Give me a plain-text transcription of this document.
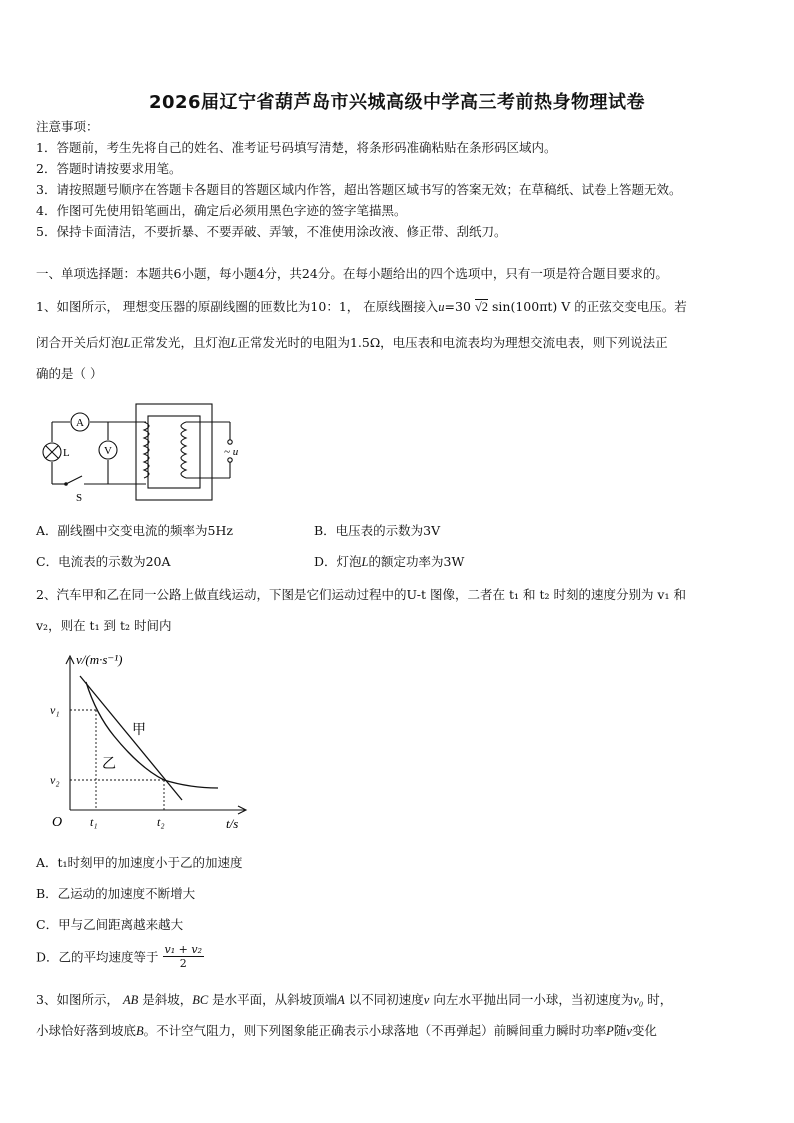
2026届辽宁省葫芦岛市兴城高级中学高三考前热身物理试卷
注意事项：
1．答题前，考生先将自己的姓名、准考证号码填写清楚，将条形码准确粘贴在条形码区域内。
2．答题时请按要求用笔。
3．请按照题号顺序在答题卡各题目的答题区域内作答，超出答题区域书写的答案无效；在草稿纸、试卷上答题无效。
4．作图可先使用铅笔画出，确定后必须用黑色字迹的签字笔描黑。
5．保持卡面清洁，不要折暴、不要弄破、弄皱，不准使用涂改液、修正带、刮纸刀。
一、单项选择题：本题共6小题，每小题4分，共24分。在每小题给出的四个选项中，只有一项是符合题目要求的。
1、如图所示， 理想变压器的原副线圈的匝数比为10：1， 在原线圈接入u=30 √2 sin(100πt) V 的正弦交变电压。若
闭合开关后灯泡L正常发光，且灯泡L正常发光时的电阻为1.5Ω，电压表和电流表均为理想交流电表，则下列说法正
确的是（ ）
A
V
L
S
~ u
A．副线圈中交变电流的频率为5Hz	B．电压表的示数为3V
C．电流表的示数为20A	D．灯泡L的额定功率为3W
2、汽车甲和乙在同一公路上做直线运动，下图是它们运动过程中的U-t 图像，二者在 t₁ 和 t₂ 时刻的速度分别为 v₁ 和
v₂，则在 t₁ 到 t₂ 时间内
v/(m·s⁻¹)
t/s
O
v₁
v₂
t₁	t₂
甲
乙
A．t₁时刻甲的加速度小于乙的加速度
B．乙运动的加速度不断增大
C．甲与乙间距离越来越大
D．乙的平均速度等于 $\frac{\text{v₁ + v₂}}{2}$
3、如图所示， AB 是斜坡，BC 是水平面，从斜坡顶端A 以不同初速度v 向左水平抛出同一小球，当初速度为v₀ 时，
小球恰好落到坡底B。不计空气阻力，则下列图象能正确表示小球落地（不再弹起）前瞬间重力瞬时功率P随v变化
